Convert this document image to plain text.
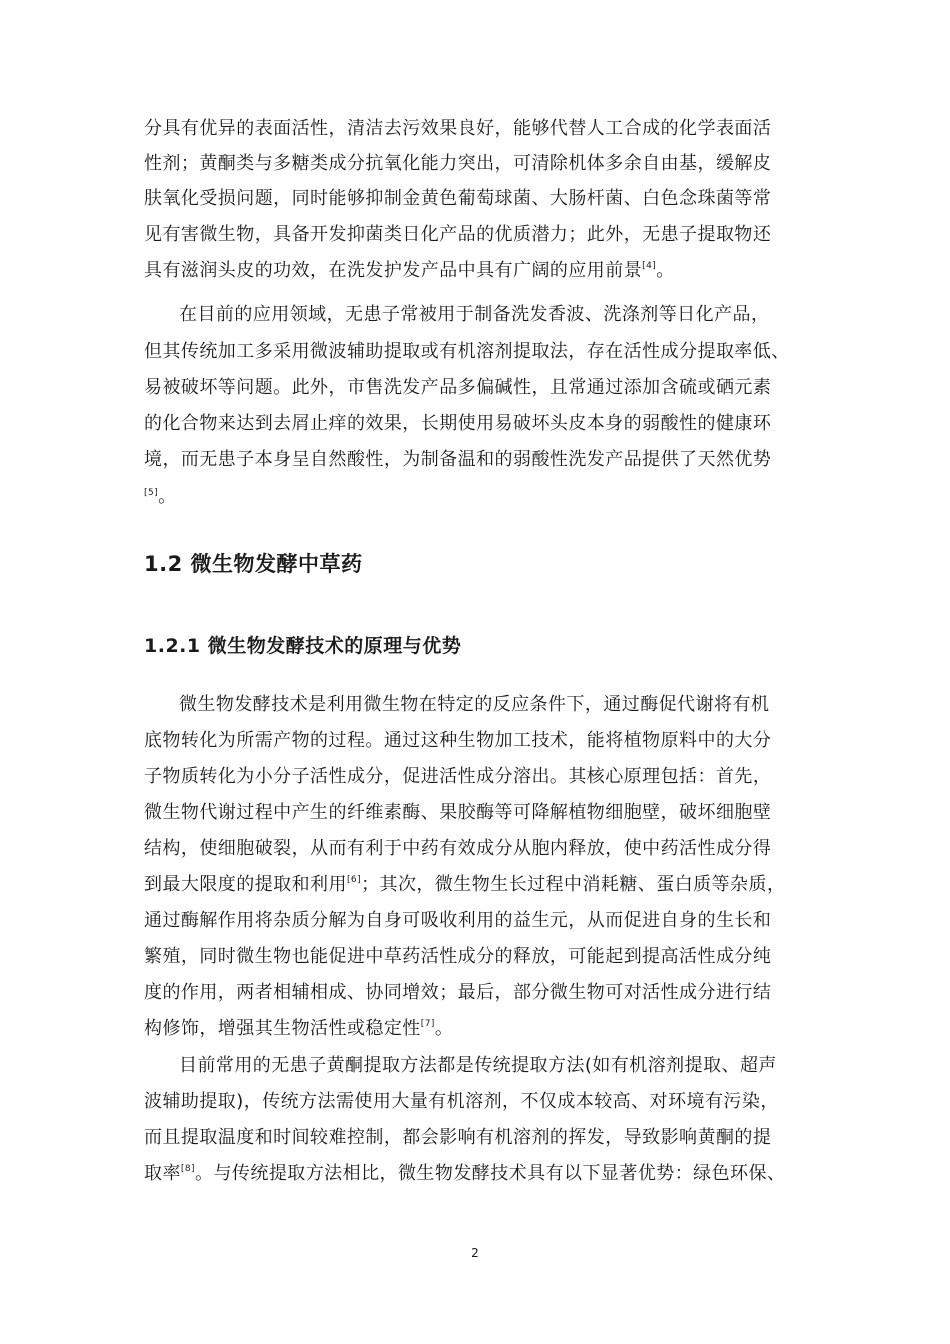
分具有优异的表面活性，清洁去污效果良好，能够代替人工合成的化学表面活
性剂；黄酮类与多糖类成分抗氧化能力突出，可清除机体多余自由基，缓解皮
肤氧化受损问题，同时能够抑制金黄色葡萄球菌、大肠杆菌、白色念珠菌等常
见有害微生物，具备开发抑菌类日化产品的优质潜力；此外，无患子提取物还
具有滋润头皮的功效，在洗发护发产品中具有广阔的应用前景[4]。
在目前的应用领域，无患子常被用于制备洗发香波、洗涤剂等日化产品，
但其传统加工多采用微波辅助提取或有机溶剂提取法，存在活性成分提取率低、
易被破坏等问题。此外，市售洗发产品多偏碱性，且常通过添加含硫或硒元素
的化合物来达到去屑止痒的效果，长期使用易破坏头皮本身的弱酸性的健康环
境，而无患子本身呈自然酸性，为制备温和的弱酸性洗发产品提供了天然优势
[5]。
1.2 微生物发酵中草药
1.2.1 微生物发酵技术的原理与优势
微生物发酵技术是利用微生物在特定的反应条件下，通过酶促代谢将有机
底物转化为所需产物的过程。通过这种生物加工技术，能将植物原料中的大分
子物质转化为小分子活性成分，促进活性成分溶出。其核心原理包括：首先，
微生物代谢过程中产生的纤维素酶、果胶酶等可降解植物细胞壁，破坏细胞壁
结构，使细胞破裂，从而有利于中药有效成分从胞内释放，使中药活性成分得
到最大限度的提取和利用[6]；其次，微生物生长过程中消耗糖、蛋白质等杂质，
通过酶解作用将杂质分解为自身可吸收利用的益生元，从而促进自身的生长和
繁殖，同时微生物也能促进中草药活性成分的释放，可能起到提高活性成分纯
度的作用，两者相辅相成、协同增效；最后，部分微生物可对活性成分进行结
构修饰，增强其生物活性或稳定性[7]。
目前常用的无患子黄酮提取方法都是传统提取方法(如有机溶剂提取、超声
波辅助提取)，传统方法需使用大量有机溶剂，不仅成本较高、对环境有污染，
而且提取温度和时间较难控制，都会影响有机溶剂的挥发，导致影响黄酮的提
取率[8]。与传统提取方法相比，微生物发酵技术具有以下显著优势：绿色环保、
2
